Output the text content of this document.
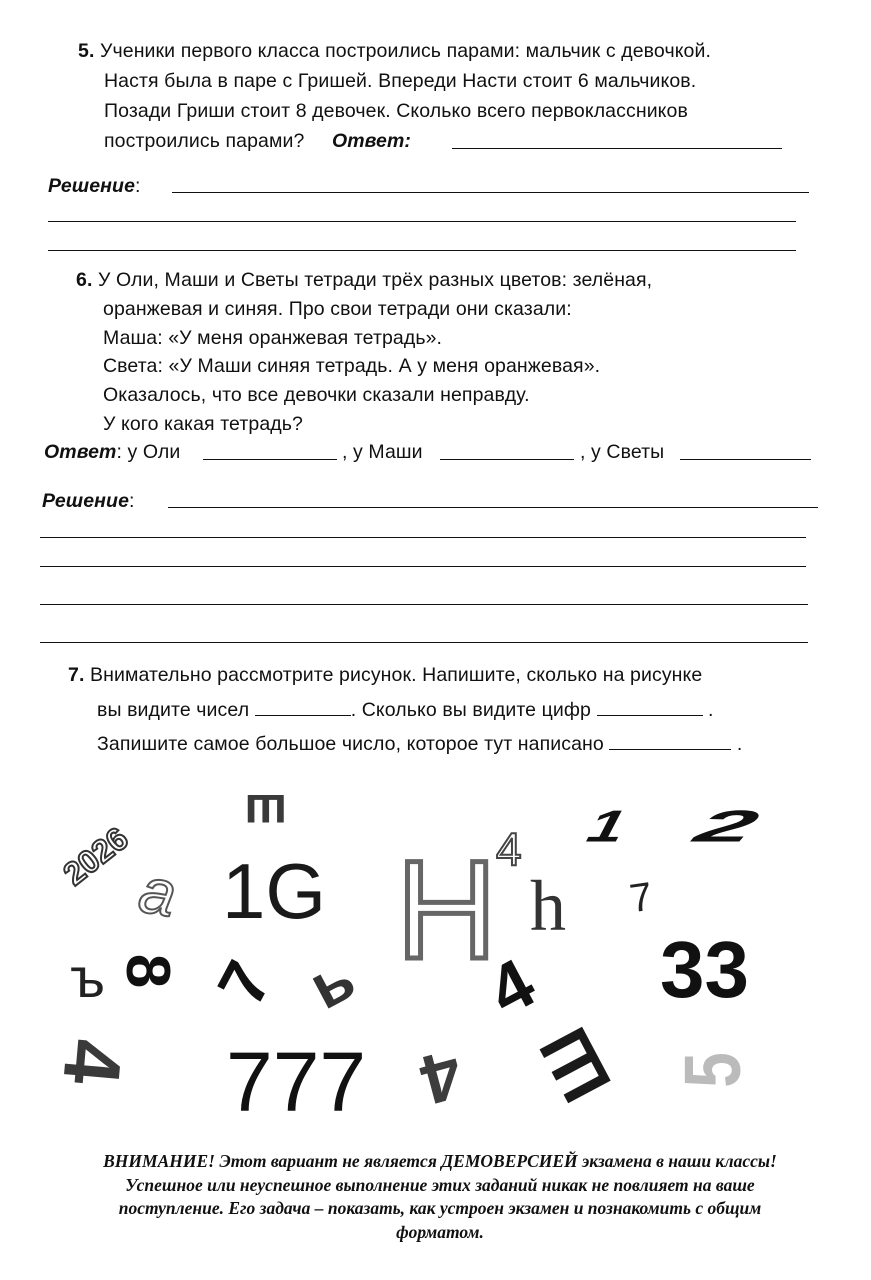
5. Ученики первого класса построились парами: мальчик с девочкой.
Настя была в паре с Гришей. Впереди Насти стоит 6 мальчиков.
Позади Гриши стоит 8 девочек. Сколько всего первоклассников
построились парами? Ответ:
Решение:
6. У Оли, Маши и Светы тетради трёх разных цветов: зелёная,
оранжевая и синяя. Про свои тетради они сказали:
Маша: «У меня оранжевая тетрадь».
Света: «У Маши синяя тетрадь. А у меня оранжевая».
Оказалось, что все девочки сказали неправду.
У кого какая тетрадь?
Ответ: у Оли	, у Маши	, у Светы
Решение:
7. Внимательно рассмотрите рисунок. Напишите, сколько на рисунке
вы видите чисел	. Сколько вы видите цифр	.
Запишите самое большое число, которое тут написано	.
2026 a
ъ 8
4
ш
1G
7 ь
777
H
4
h
4
4
Ш
1 2
7
33
5
ВНИМАНИЕ! Этот вариант не является ДЕМОВЕРСИЕЙ экзамена в наши классы!
Успешное или неуспешное выполнение этих заданий никак не повлияет на ваше
поступление. Его задача – показать, как устроен экзамен и познакомить с общим
форматом.
